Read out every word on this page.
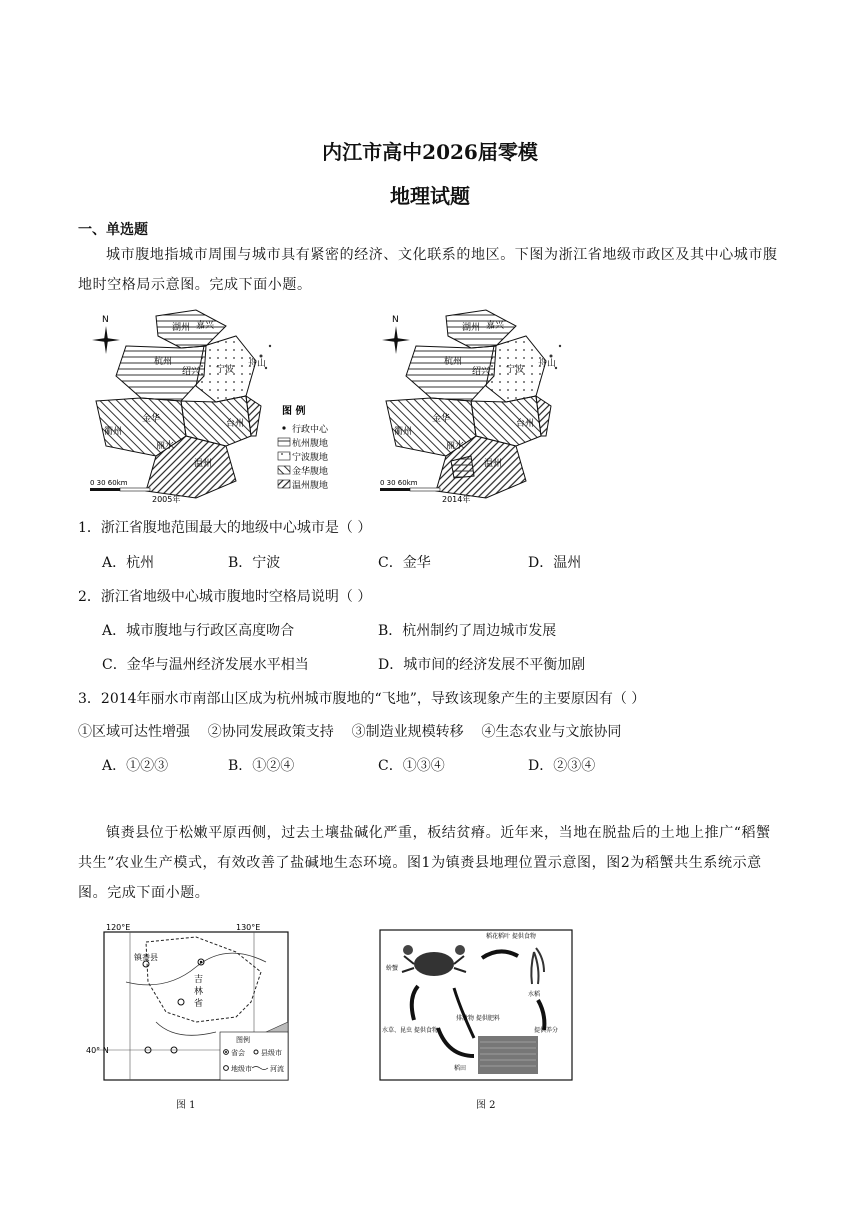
内江市高中2026届零模
地理试题
一、单选题
城市腹地指城市周围与城市具有紧密的经济、文化联系的地区。下图为浙江省地级市政区及其中心城市腹地时空格局示意图。完成下面小题。
湖州 嘉兴
杭州
绍兴 宁波
舟山
金华
衢州
丽水
台州
温州
N
0 30 60km
2005年
图 例
行政中心
杭州腹地
宁波腹地
金华腹地
温州腹地
湖州 嘉兴
杭州
绍兴 宁波
舟山
金华
衢州
丽水
台州
温州
N
0 30 60km
2014年
1．浙江省腹地范围最大的地级中心城市是（ ）
A．杭州	B．宁波	C．金华	D．温州
2．浙江省地级中心城市腹地时空格局说明（ ）
A．城市腹地与行政区高度吻合	B．杭州制约了周边城市发展
C．金华与温州经济发展水平相当	D．城市间的经济发展不平衡加剧
3．2014年丽水市南部山区成为杭州城市腹地的“飞地”，导致该现象产生的主要原因有（ ）
①区域可达性增强    ②协同发展政策支持    ③制造业规模转移    ④生态农业与文旅协同
A．①②③	B．①②④	C．①③④	D．②③④
镇赉县位于松嫩平原西侧，过去土壤盐碱化严重，板结贫瘠。近年来，当地在脱盐后的土地上推广“稻蟹共生”农业生产模式，有效改善了盐碱地生态环境。图1为镇赉县地理位置示意图，图2为稻蟹共生系统示意图。完成下面小题。
120°E	130°E
40° N
镇赉县
吉
林
省
图例
省会 县级市
地级市	河流
图 1
稻花稻叶 提供食物
蚧蟹
水稻
排泄物 提供肥料
水草、昆虫 提供食物	提供养分
稻田
图 2
